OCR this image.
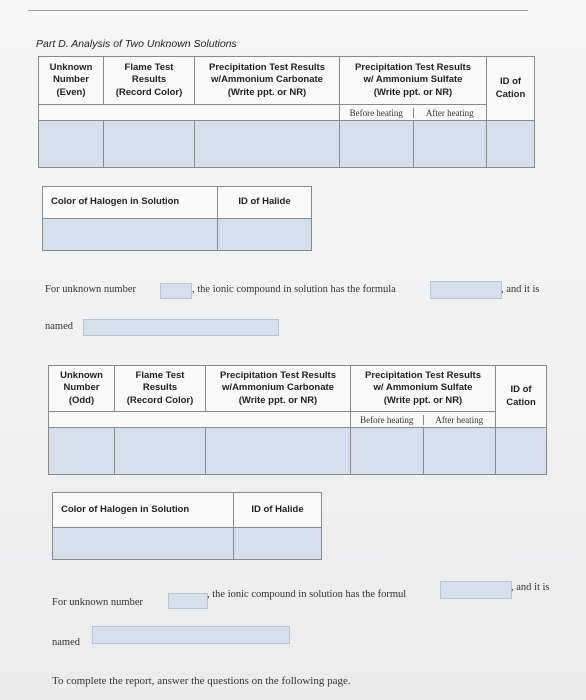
Part D. Analysis of Two Unknown Solutions
Unknown
Number
(Even)	Flame Test
Results
(Record Color)	Precipitation Test Results
w/Ammonium Carbonate
(Write ppt. or NR)	Precipitation Test Results
w/ Ammonium Sulfate
(Write ppt. or NR)	ID of
Cation

Before heating After heating	

Color of Halogen in Solution	ID of Halide

For unknown number	, the ionic compound in solution has the formula	, and it is
named
Unknown
Number
(Odd)	Flame Test
Results
(Record Color)	Precipitation Test Results
w/Ammonium Carbonate
(Write ppt. or NR)	Precipitation Test Results
w/ Ammonium Sulfate
(Write ppt. or NR)	ID of
Cation

Before heating After heating	

Color of Halogen in Solution	ID of Halide

For unknown number
, the ionic compound in solution has the formul
, and it is
named
To complete the report, answer the questions on the following page.
